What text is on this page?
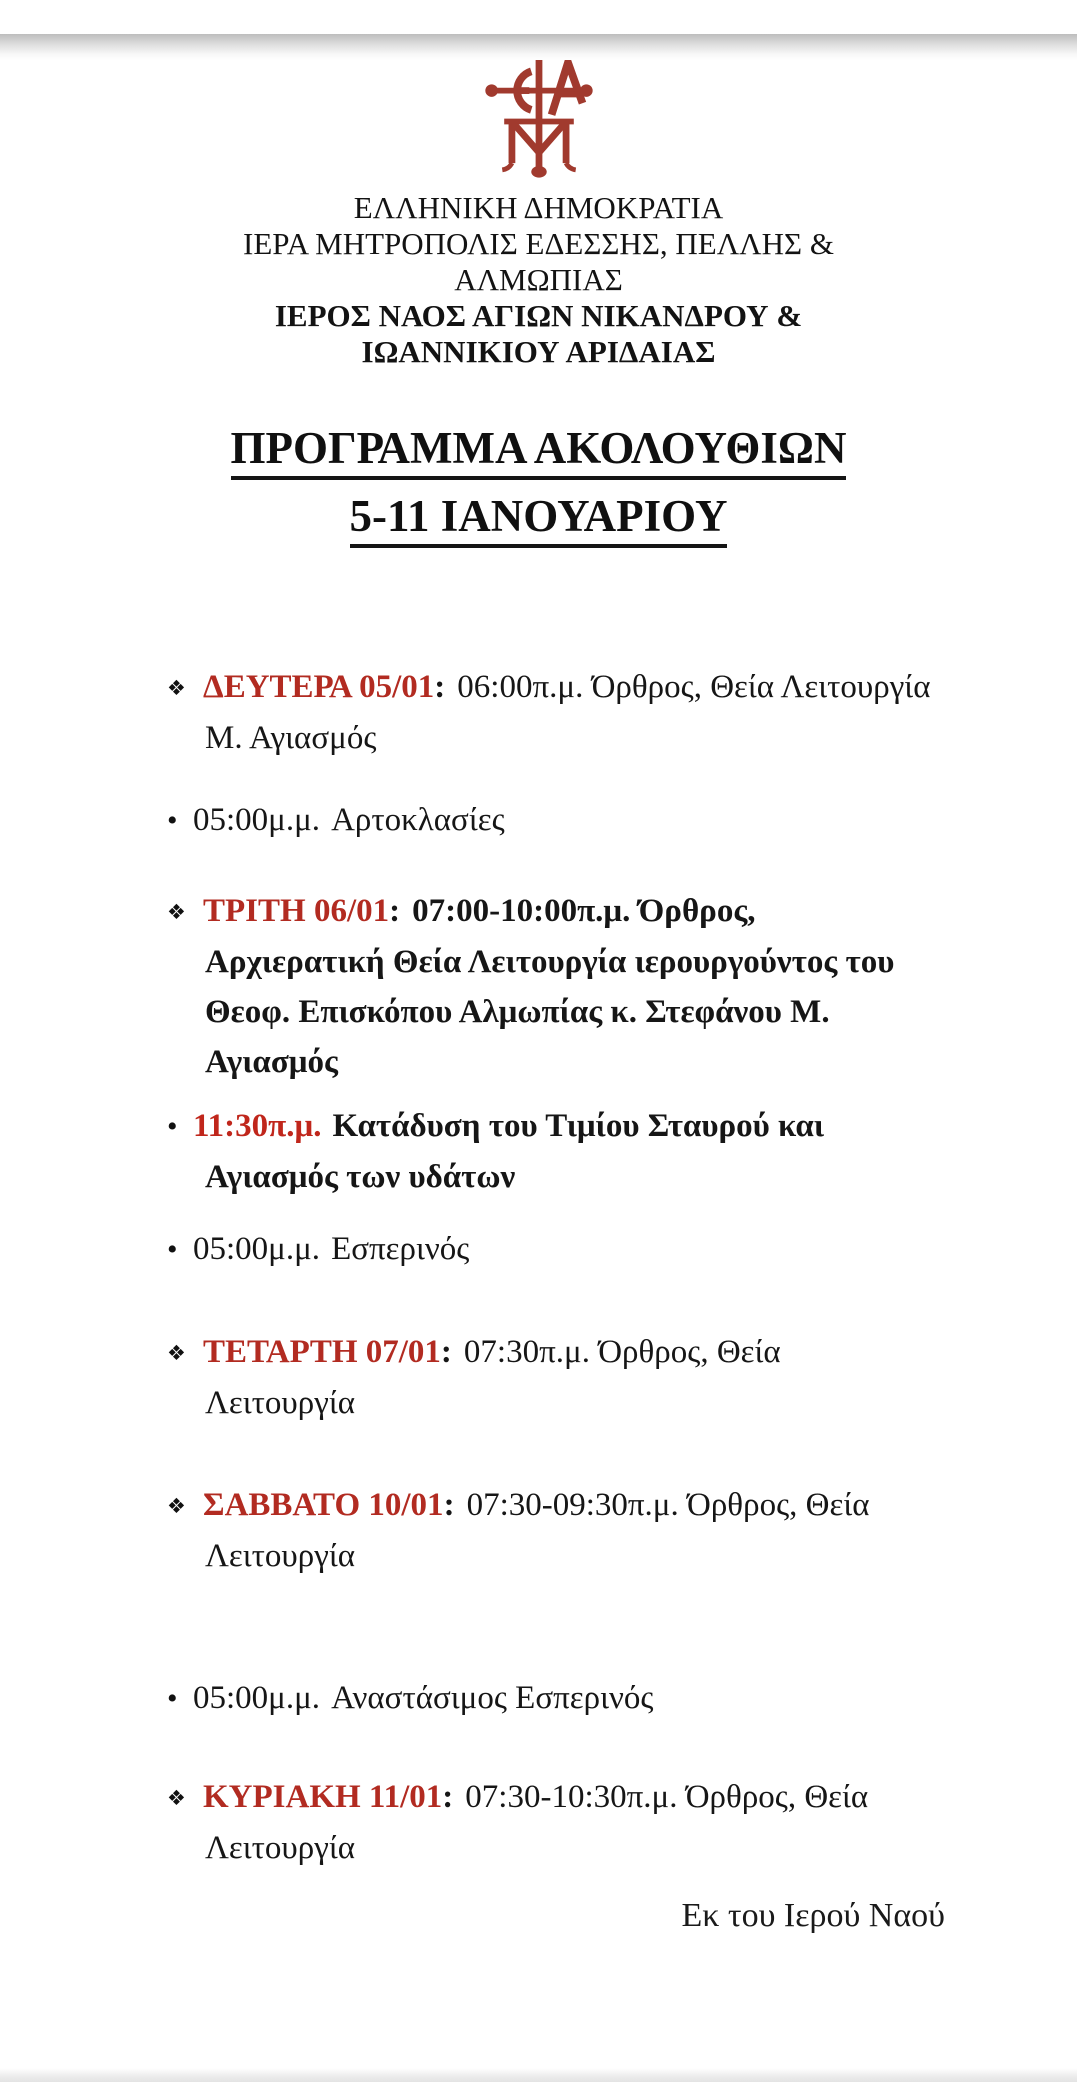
ΕΛΛΗΝΙΚΗ ΔΗΜΟΚΡΑΤΙΑ
ΙΕΡΑ ΜΗΤΡΟΠΟΛΙΣ ΕΔΕΣΣΗΣ, ΠΕΛΛΗΣ & ΑΛΜΩΠΙΑΣ
ΙΕΡΟΣ ΝΑΟΣ ΑΓΙΩΝ ΝΙΚΑΝΔΡΟΥ & ΙΩΑΝΝΙΚΙΟΥ ΑΡΙΔΑΙΑΣ
ΠΡΟΓΡΑΜΜΑ ΑΚΟΛΟΥΘΙΩΝ
5-11 ΙΑΝΟΥΑΡΙΟΥ
❖ ΔΕΥΤΕΡΑ 05/01: 06:00π.μ. Όρθρος, Θεία Λειτουργία Μ. Αγιασμός
• 05:00μ.μ. Αρτοκλασίες
❖ ΤΡΙΤΗ 06/01: 07:00-10:00π.μ. Όρθρος, Αρχιερατική Θεία Λειτουργία ιερουργούντος του Θεοφ. Επισκόπου Αλμωπίας κ. Στεφάνου Μ. Αγιασμός
• 11:30π.μ. Κατάδυση του Τιμίου Σταυρού και Αγιασμός των υδάτων
• 05:00μ.μ. Εσπερινός
❖ ΤΕΤΑΡΤΗ 07/01: 07:30π.μ. Όρθρος, Θεία Λειτουργία
❖ ΣΑΒΒΑΤΟ 10/01: 07:30-09:30π.μ. Όρθρος, Θεία Λειτουργία
• 05:00μ.μ. Αναστάσιμος Εσπερινός
❖ ΚΥΡΙΑΚΗ 11/01: 07:30-10:30π.μ. Όρθρος, Θεία Λειτουργία
Εκ του Ιερού Ναού
